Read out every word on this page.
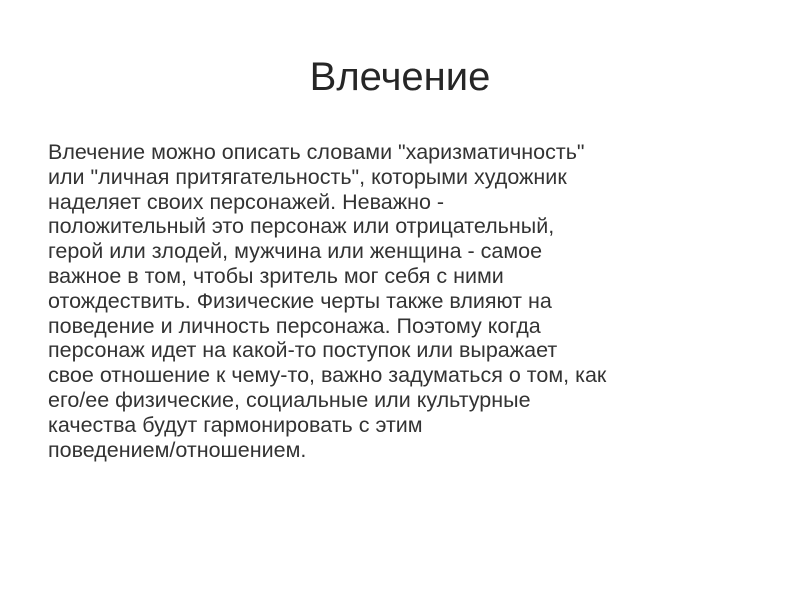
Влечение

Влечение можно описать словами "харизматичность"
или "личная притягательность", которыми художник
наделяет своих персонажей. Неважно -
положительный это персонаж или отрицательный,
герой или злодей, мужчина или женщина - самое
важное в том, чтобы зритель мог себя с ними
отождествить. Физические черты также влияют на
поведение и личность персонажа. Поэтому когда
персонаж идет на какой-то поступок или выражает
свое отношение к чему-то, важно задуматься о том, как
его/ее физические, социальные или культурные
качества будут гармонировать с этим
поведением/отношением.
